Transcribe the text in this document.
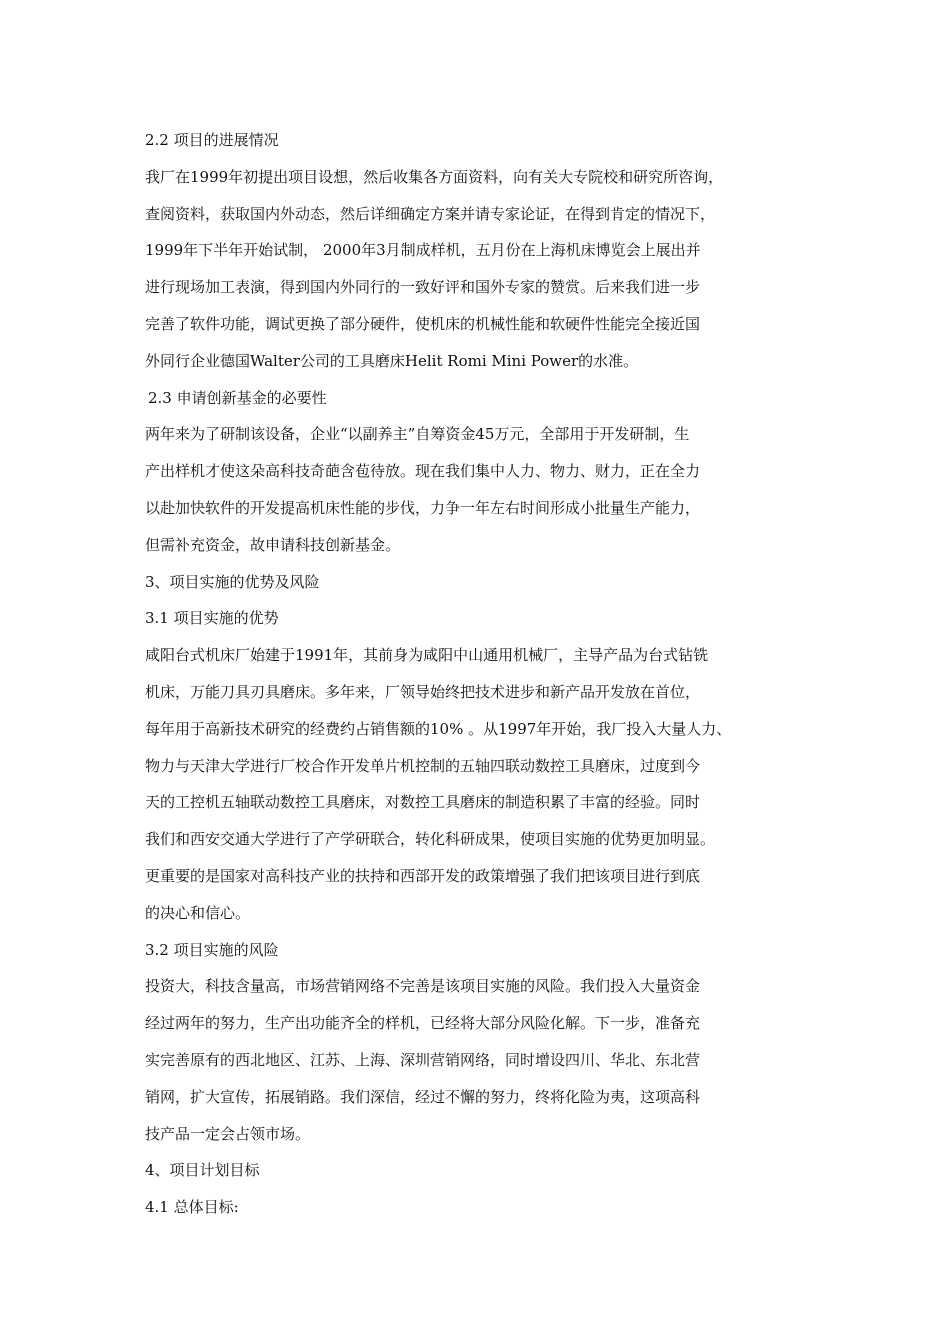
2.2 项目的进展情况
我厂在1999年初提出项目设想，然后收集各方面资料，向有关大专院校和研究所咨询，
查阅资料，获取国内外动态，然后详细确定方案并请专家论证，在得到肯定的情况下，
1999年下半年开始试制， 2000年3月制成样机，五月份在上海机床博览会上展出并
进行现场加工表演，得到国内外同行的一致好评和国外专家的赞赏。后来我们进一步
完善了软件功能，调试更换了部分硬件，使机床的机械性能和软硬件性能完全接近国
外同行企业德国Walter公司的工具磨床Helit Romi Mini Power的水准。
2.3 申请创新基金的必要性
两年来为了研制该设备，企业“以副养主”自筹资金45万元，全部用于开发研制，生
产出样机才使这朵高科技奇葩含苞待放。现在我们集中人力、物力、财力，正在全力
以赴加快软件的开发提高机床性能的步伐，力争一年左右时间形成小批量生产能力，
但需补充资金，故申请科技创新基金。
3、项目实施的优势及风险
3.1 项目实施的优势
咸阳台式机床厂始建于1991年，其前身为咸阳中山通用机械厂，主导产品为台式钻铣
机床，万能刀具刃具磨床。多年来，厂领导始终把技术进步和新产品开发放在首位，
每年用于高新技术研究的经费约占销售额的10% 。从1997年开始，我厂投入大量人力、
物力与天津大学进行厂校合作开发单片机控制的五轴四联动数控工具磨床，过度到今
天的工控机五轴联动数控工具磨床，对数控工具磨床的制造积累了丰富的经验。同时
我们和西安交通大学进行了产学研联合，转化科研成果，使项目实施的优势更加明显。
更重要的是国家对高科技产业的扶持和西部开发的政策增强了我们把该项目进行到底
的决心和信心。
3.2 项目实施的风险
投资大，科技含量高，市场营销网络不完善是该项目实施的风险。我们投入大量资金
经过两年的努力，生产出功能齐全的样机，已经将大部分风险化解。下一步，准备充
实完善原有的西北地区、江苏、上海、深圳营销网络，同时增设四川、华北、东北营
销网，扩大宣传，拓展销路。我们深信，经过不懈的努力，终将化险为夷，这项高科
技产品一定会占领市场。
4、项目计划目标
4.1 总体目标:
